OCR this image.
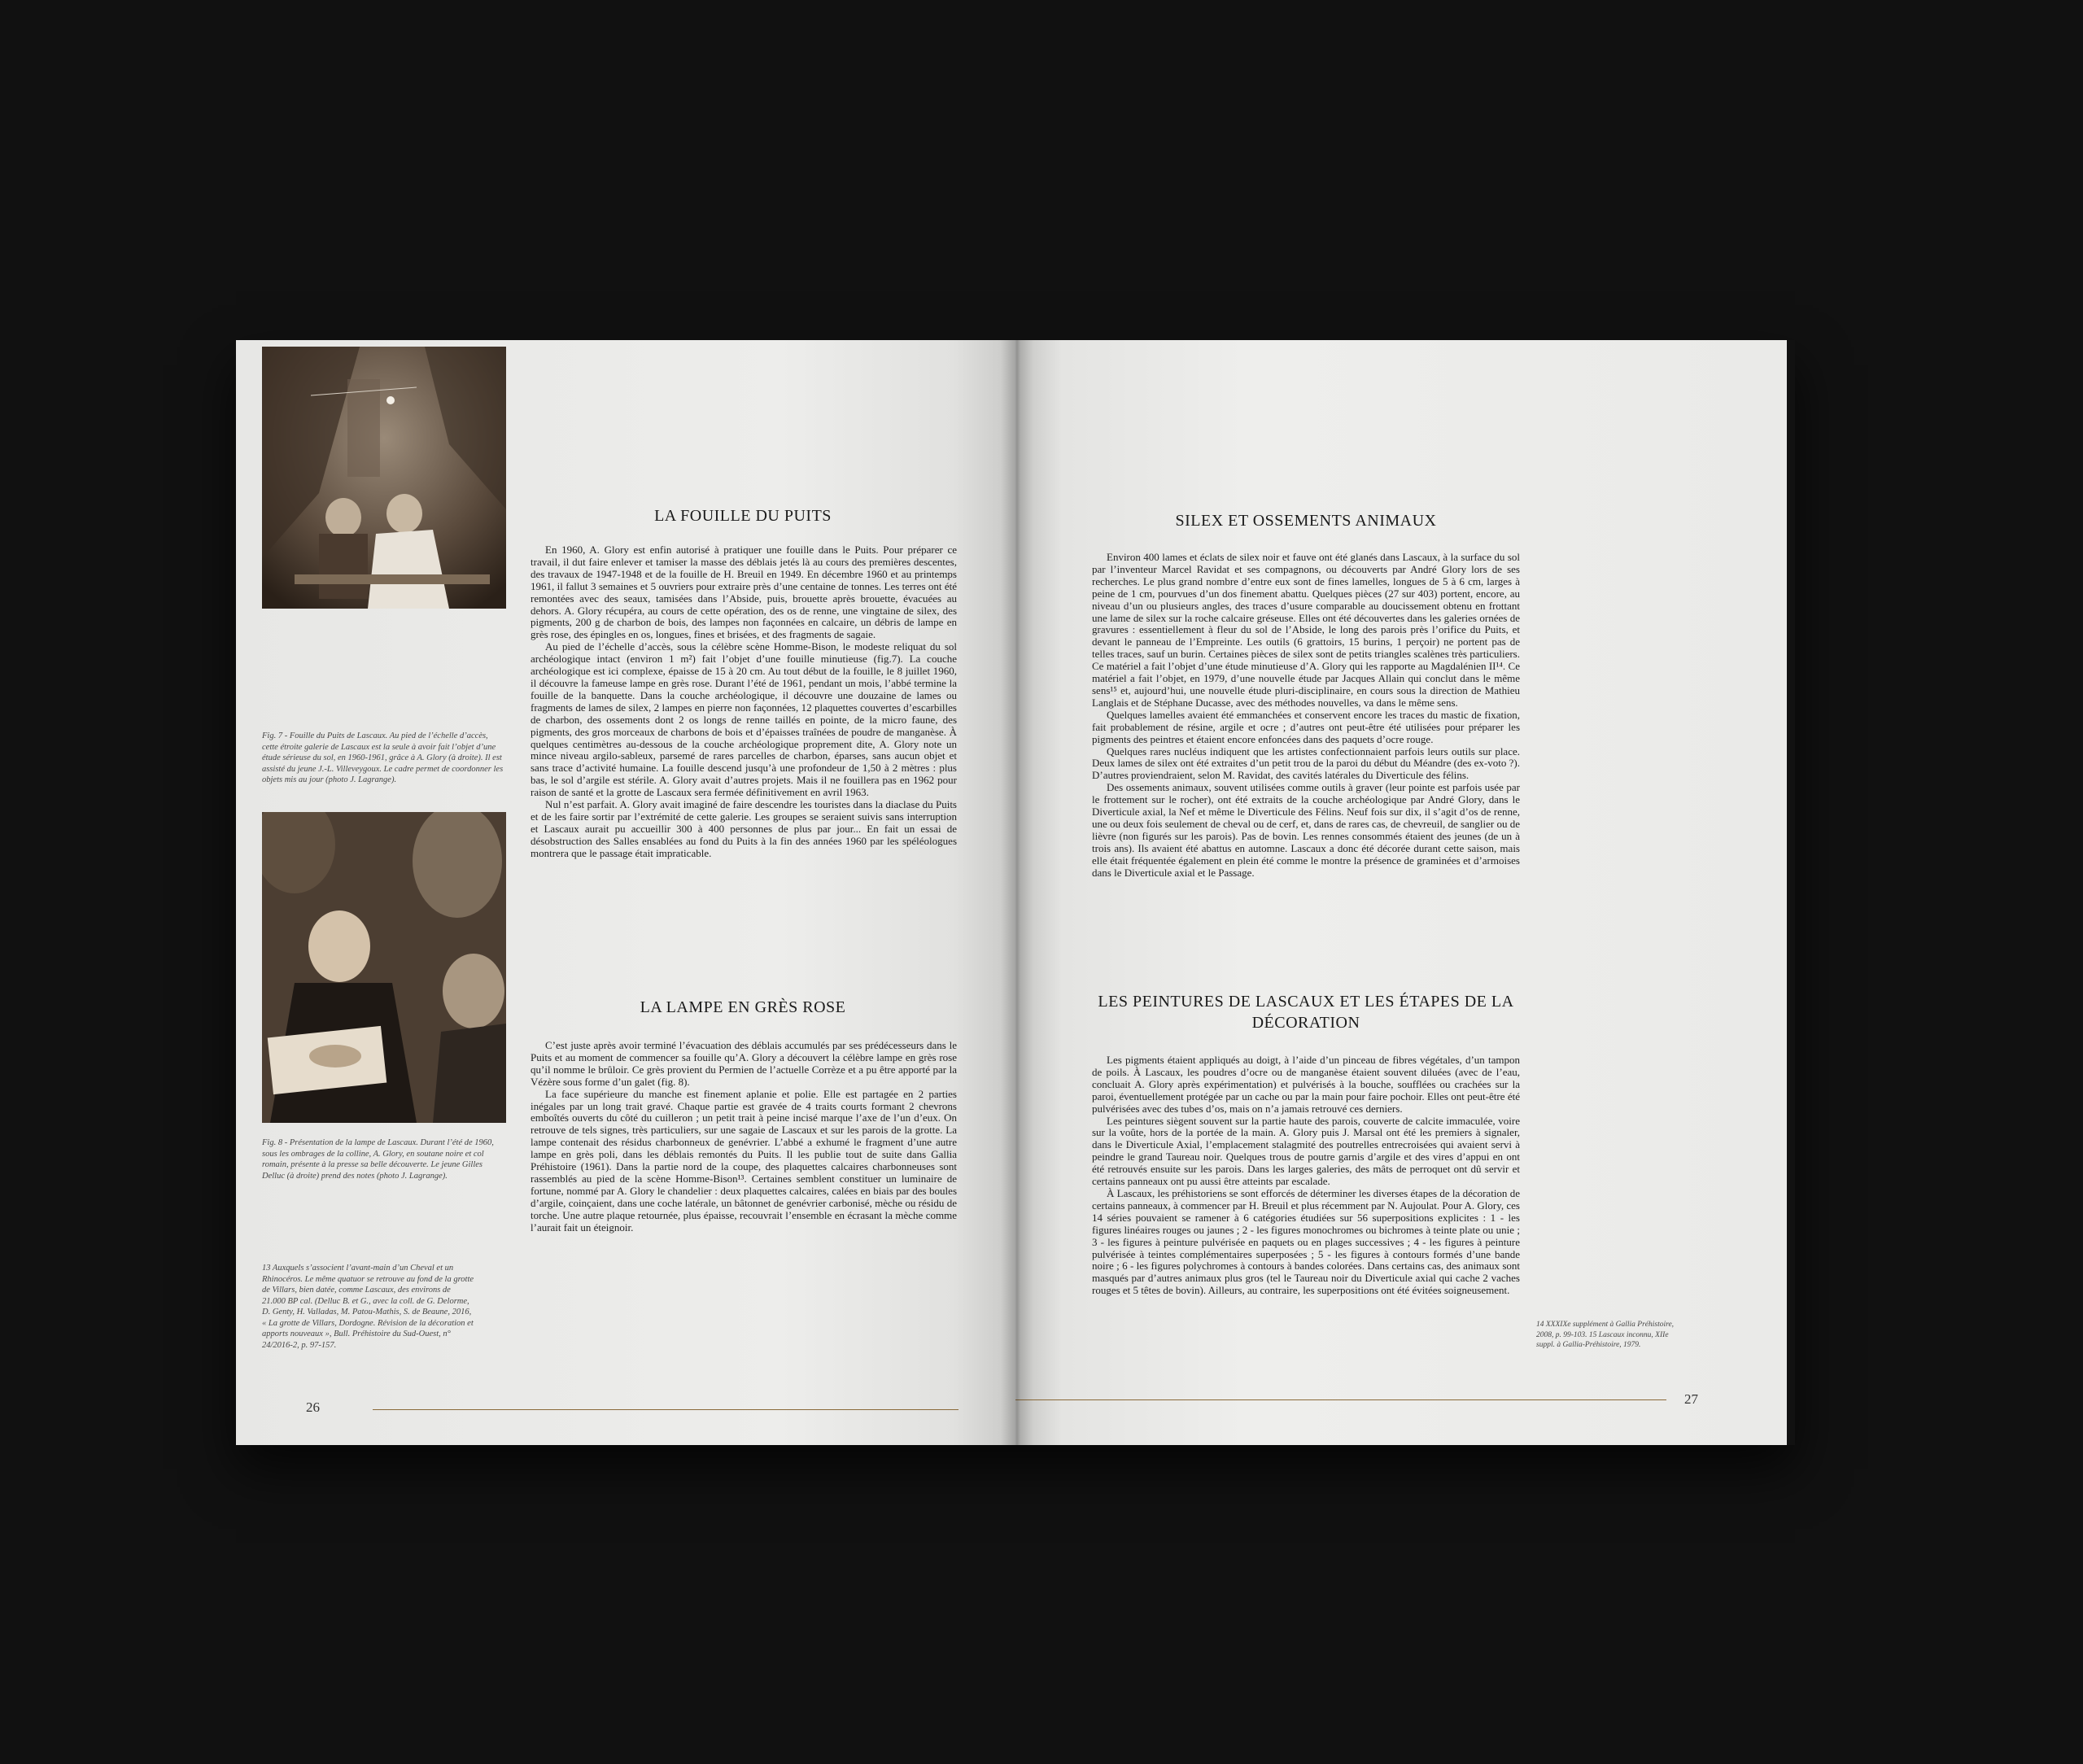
Fig. 7 - Fouille du Puits de Lascaux. Au pied de l’échelle d’accès, cette étroite galerie de Lascaux est la seule à avoir fait l’objet d’une étude sérieuse du sol, en 1960-1961, grâce à A. Glory (à droite). Il est assisté du jeune J.-L. Villeveygoux. Le cadre permet de coordonner les objets mis au jour (photo J. Lagrange).
Fig. 8 - Présentation de la lampe de Lascaux. Durant l’été de 1960, sous les ombrages de la colline, A. Glory, en soutane noire et col romain, présente à la presse sa belle découverte. Le jeune Gilles Delluc (à droite) prend des notes (photo J. Lagrange).
13 Auxquels s’associent l’avant-main d’un Cheval et un Rhinocéros. Le même quatuor se retrouve au fond de la grotte de Villars, bien datée, comme Lascaux, des environs de 21.000 BP cal. (Delluc B. et G., avec la coll. de G. Delorme, D. Genty, H. Valladas, M. Patou-Mathis, S. de Beaune, 2016, « La grotte de Villars, Dordogne. Révision de la décoration et apports nouveaux », Bull. Préhistoire du Sud-Ouest, n° 24/2016-2, p. 97-157.
LA FOUILLE DU PUITS

En 1960, A. Glory est enfin autorisé à pratiquer une fouille dans le Puits. Pour préparer ce travail, il dut faire enlever et tamiser la masse des déblais jetés là au cours des premières descentes, des travaux de 1947-1948 et de la fouille de H. Breuil en 1949. En décembre 1960 et au printemps 1961, il fallut 3 semaines et 5 ouvriers pour extraire près d’une centaine de tonnes. Les terres ont été remontées avec des seaux, tamisées dans l’Abside, puis, brouette après brouette, évacuées au dehors. A. Glory récupéra, au cours de cette opération, des os de renne, une vingtaine de silex, des pigments, 200 g de charbon de bois, des lampes non façonnées en calcaire, un débris de lampe en grès rose, des épingles en os, longues, fines et brisées, et des fragments de sagaie.

Au pied de l’échelle d’accès, sous la célèbre scène Homme-Bison, le modeste reliquat du sol archéologique intact (environ 1 m²) fait l’objet d’une fouille minutieuse (fig.7). La couche archéologique est ici complexe, épaisse de 15 à 20 cm. Au tout début de la fouille, le 8 juillet 1960, il découvre la fameuse lampe en grès rose. Durant l’été de 1961, pendant un mois, l’abbé termine la fouille de la banquette. Dans la couche archéologique, il découvre une douzaine de lames ou fragments de lames de silex, 2 lampes en pierre non façonnées, 12 plaquettes couvertes d’escarbilles de charbon, des ossements dont 2 os longs de renne taillés en pointe, de la micro faune, des pigments, des gros morceaux de charbons de bois et d’épaisses traînées de poudre de manganèse. À quelques centimètres au-dessous de la couche archéologique proprement dite, A. Glory note un mince niveau argilo-sableux, parsemé de rares parcelles de charbon, éparses, sans aucun objet et sans trace d’activité humaine. La fouille descend jusqu’à une profondeur de 1,50 à 2 mètres : plus bas, le sol d’argile est stérile. A. Glory avait d’autres projets. Mais il ne fouillera pas en 1962 pour raison de santé et la grotte de Lascaux sera fermée définitivement en avril 1963.

Nul n’est parfait. A. Glory avait imaginé de faire descendre les touristes dans la diaclase du Puits et de les faire sortir par l’extrémité de cette galerie. Les groupes se seraient suivis sans interruption et Lascaux aurait pu accueillir 300 à 400 personnes de plus par jour... En fait un essai de désobstruction des Salles ensablées au fond du Puits à la fin des années 1960 par les spéléologues montrera que le passage était impraticable.

LA LAMPE EN GRÈS ROSE

C’est juste après avoir terminé l’évacuation des déblais accumulés par ses prédécesseurs dans le Puits et au moment de commencer sa fouille qu’A. Glory a découvert la célèbre lampe en grès rose qu’il nomme le brûloir. Ce grès provient du Permien de l’actuelle Corrèze et a pu être apporté par la Vézère sous forme d’un galet (fig. 8).

La face supérieure du manche est finement aplanie et polie. Elle est partagée en 2 parties inégales par un long trait gravé. Chaque partie est gravée de 4 traits courts formant 2 chevrons emboîtés ouverts du côté du cuilleron ; un petit trait à peine incisé marque l’axe de l’un d’eux. On retrouve de tels signes, très particuliers, sur une sagaie de Lascaux et sur les parois de la grotte. La lampe contenait des résidus charbonneux de genévrier. L’abbé a exhumé le fragment d’une autre lampe en grès poli, dans les déblais remontés du Puits. Il les publie tout de suite dans Gallia Préhistoire (1961). Dans la partie nord de la coupe, des plaquettes calcaires charbonneuses sont rassemblés au pied de la scène Homme-Bison¹³. Certaines semblent constituer un luminaire de fortune, nommé par A. Glory le chandelier : deux plaquettes calcaires, calées en biais par des boules d’argile, coinçaient, dans une coche latérale, un bâtonnet de genévrier carbonisé, mèche ou résidu de torche. Une autre plaque retournée, plus épaisse, recouvrait l’ensemble en écrasant la mèche comme l’aurait fait un éteignoir.

26
SILEX ET OSSEMENTS ANIMAUX

Environ 400 lames et éclats de silex noir et fauve ont été glanés dans Lascaux, à la surface du sol par l’inventeur Marcel Ravidat et ses compagnons, ou découverts par André Glory lors de ses recherches. Le plus grand nombre d’entre eux sont de fines lamelles, longues de 5 à 6 cm, larges à peine de 1 cm, pourvues d’un dos finement abattu. Quelques pièces (27 sur 403) portent, encore, au niveau d’un ou plusieurs angles, des traces d’usure comparable au doucissement obtenu en frottant une lame de silex sur la roche calcaire gréseuse. Elles ont été découvertes dans les galeries ornées de gravures : essentiellement à fleur du sol de l’Abside, le long des parois près l’orifice du Puits, et devant le panneau de l’Empreinte. Les outils (6 grattoirs, 15 burins, 1 perçoir) ne portent pas de telles traces, sauf un burin. Certaines pièces de silex sont de petits triangles scalènes très particuliers. Ce matériel a fait l’objet d’une étude minutieuse d’A. Glory qui les rapporte au Magdalénien II¹⁴. Ce matériel a fait l’objet, en 1979, d’une nouvelle étude par Jacques Allain qui conclut dans le même sens¹⁵ et, aujourd’hui, une nouvelle étude pluri-disciplinaire, en cours sous la direction de Mathieu Langlais et de Stéphane Ducasse, avec des méthodes nouvelles, va dans le même sens.

Quelques lamelles avaient été emmanchées et conservent encore les traces du mastic de fixation, fait probablement de résine, argile et ocre ; d’autres ont peut-être été utilisées pour préparer les pigments des peintres et étaient encore enfoncées dans des paquets d’ocre rouge.

Quelques rares nucléus indiquent que les artistes confectionnaient parfois leurs outils sur place. Deux lames de silex ont été extraites d’un petit trou de la paroi du début du Méandre (des ex-voto ?). D’autres proviendraient, selon M. Ravidat, des cavités latérales du Diverticule des félins.

Des ossements animaux, souvent utilisées comme outils à graver (leur pointe est parfois usée par le frottement sur le rocher), ont été extraits de la couche archéologique par André Glory, dans le Diverticule axial, la Nef et même le Diverticule des Félins. Neuf fois sur dix, il s’agit d’os de renne, une ou deux fois seulement de cheval ou de cerf, et, dans de rares cas, de chevreuil, de sanglier ou de lièvre (non figurés sur les parois). Pas de bovin. Les rennes consommés étaient des jeunes (de un à trois ans). Ils avaient été abattus en automne. Lascaux a donc été décorée durant cette saison, mais elle était fréquentée également en plein été comme le montre la présence de graminées et d’armoises dans le Diverticule axial et le Passage.

LES PEINTURES DE LASCAUX ET LES ÉTAPES DE LA DÉCORATION

Les pigments étaient appliqués au doigt, à l’aide d’un pinceau de fibres végétales, d’un tampon de poils. À Lascaux, les poudres d’ocre ou de manganèse étaient souvent diluées (avec de l’eau, concluait A. Glory après expérimentation) et pulvérisés à la bouche, soufflées ou crachées sur la paroi, éventuellement protégée par un cache ou par la main pour faire pochoir. Elles ont peut-être été pulvérisées avec des tubes d’os, mais on n’a jamais retrouvé ces derniers.

Les peintures siègent souvent sur la partie haute des parois, couverte de calcite immaculée, voire sur la voûte, hors de la portée de la main. A. Glory puis J. Marsal ont été les premiers à signaler, dans le Diverticule Axial, l’emplacement stalagmité des poutrelles entrecroisées qui avaient servi à peindre le grand Taureau noir. Quelques trous de poutre garnis d’argile et des vires d’appui en ont été retrouvés ensuite sur les parois. Dans les larges galeries, des mâts de perroquet ont dû servir et certains panneaux ont pu aussi être atteints par escalade.

À Lascaux, les préhistoriens se sont efforcés de déterminer les diverses étapes de la décoration de certains panneaux, à commencer par H. Breuil et plus récemment par N. Aujoulat. Pour A. Glory, ces 14 séries pouvaient se ramener à 6 catégories étudiées sur 56 superpositions explicites : 1 - les figures linéaires rouges ou jaunes ; 2 - les figures monochromes ou bichromes à teinte plate ou unie ; 3 - les figures à peinture pulvérisée en paquets ou en plages successives ; 4 - les figures à peinture pulvérisée à teintes complémentaires superposées ; 5 - les figures à contours formés d’une bande noire ; 6 - les figures polychromes à contours à bandes colorées. Dans certains cas, des animaux sont masqués par d’autres animaux plus gros (tel le Taureau noir du Diverticule axial qui cache 2 vaches rouges et 5 têtes de bovin). Ailleurs, au contraire, les superpositions ont été évitées soigneusement.

14 XXXIXe supplément à Gallia Préhistoire, 2008, p. 99-103. 15 Lascaux inconnu, XIIe suppl. à Gallia-Préhistoire, 1979.
27
